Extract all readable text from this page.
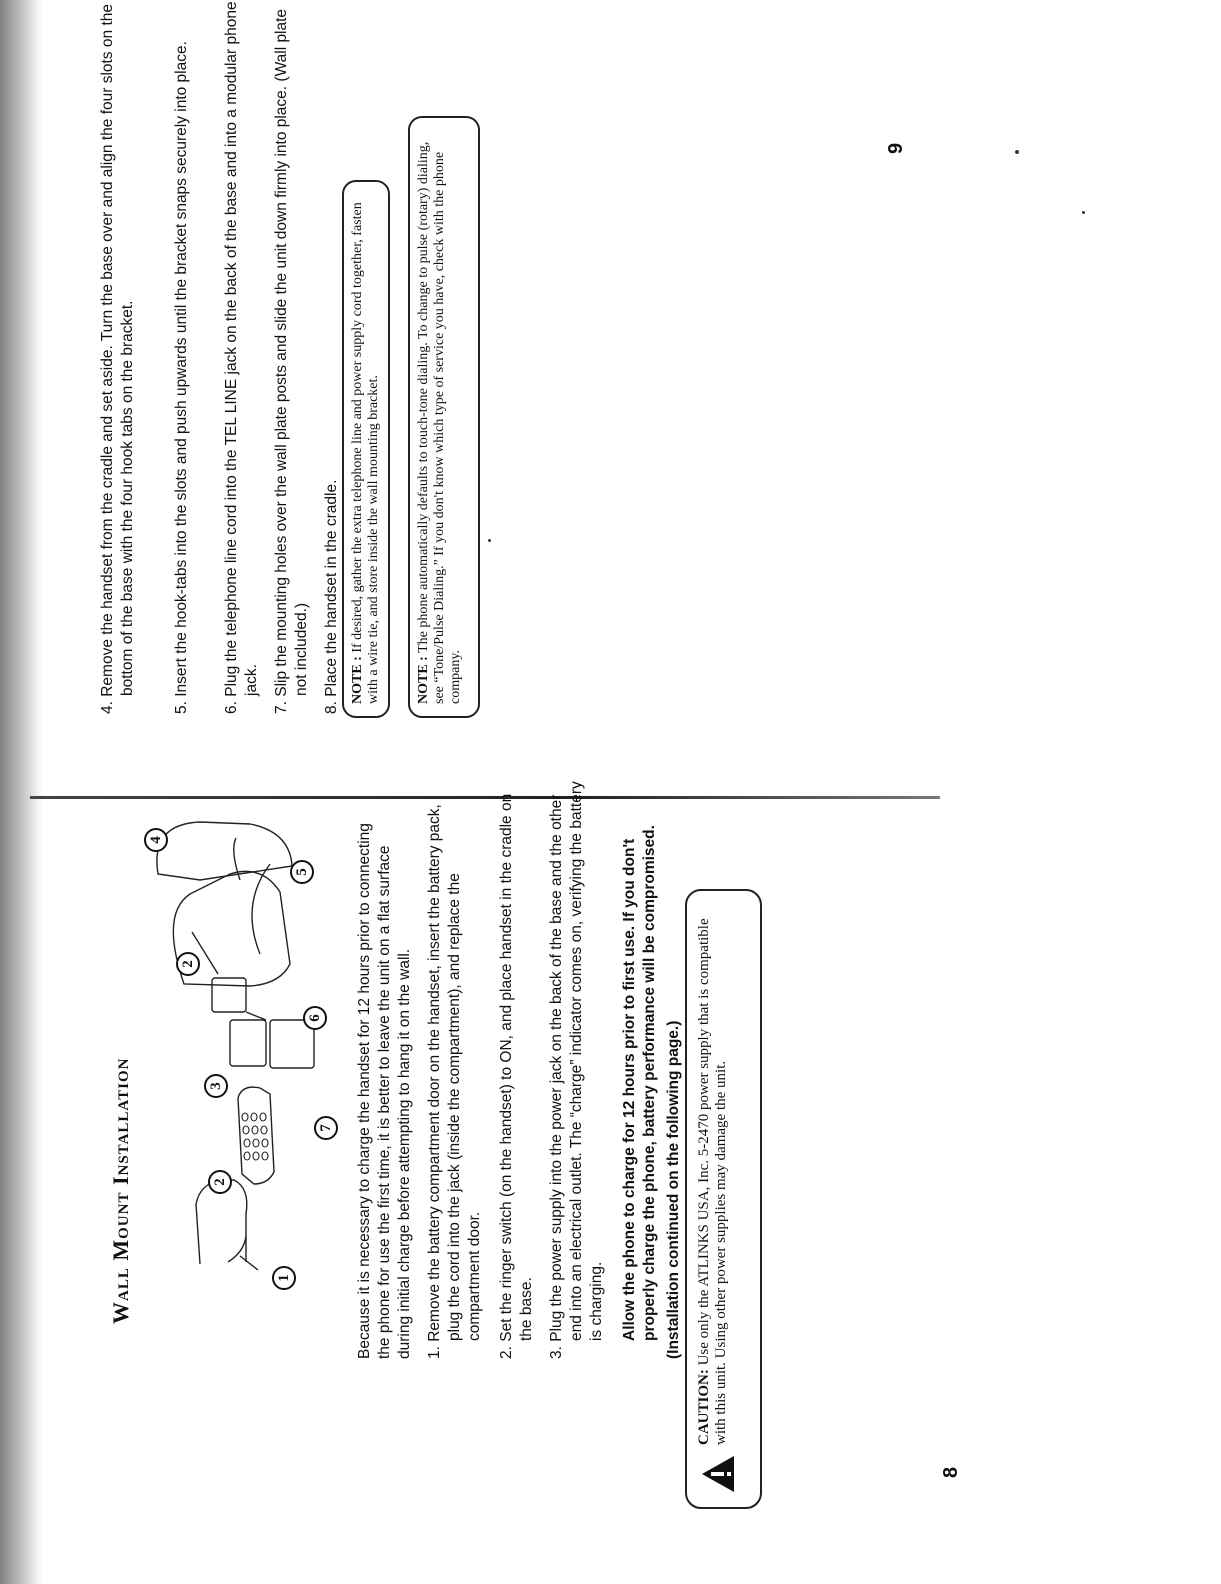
Wall Mount Installation	1
2
3
4
2
5
6
7 Because it is necessary to charge the handset for 12 hours prior to connecting the phone for use the first time, it is better to leave the unit on a flat surface during initial charge before attempting to hang it on the wall. 1. Remove the battery compartment door on the handset, insert the battery pack, plug the cord into the jack (inside the compartment), and replace the compartment door. 2. Set the ringer switch (on the handset) to ON, and place handset in the cradle on the base. 3. Plug the power supply into the power jack on the back of the base and the other end into an electrical outlet. The “charge” indicator comes on, verifying the battery is charging. Allow the phone to charge for 12 hours prior to first use. If you don't properly charge the phone, battery performance will be compromised. (Installation continued on the following page.)

CAUTION: Use only the ATLINKS USA, Inc. 5-2470 power supply that is compatible with this unit. Using other power supplies may damage the unit.
8

4. Remove the handset from the cradle and set aside. Turn the base over and align the four slots on the bottom of the base with the four hook tabs on the bracket. 5. Insert the hook-tabs into the slots and push upwards until the bracket snaps securely into place. 6. Plug the telephone line cord into the TEL LINE jack on the back of the base and into a modular phone jack. 7. Slip the mounting holes over the wall plate posts and slide the unit down firmly into place. (Wall plate not included.) 8. Place the handset in the cradle. NOTE : If desired, gather the extra telephone line and power supply cord together, fasten with a wire tie, and store inside the wall mounting bracket.	NOTE : The phone automatically defaults to touch-tone dialing. To change to pulse (rotary) dialing, see “Tone/Pulse Dialing.” If you don't know which type of service you have, check with the phone company.
9
